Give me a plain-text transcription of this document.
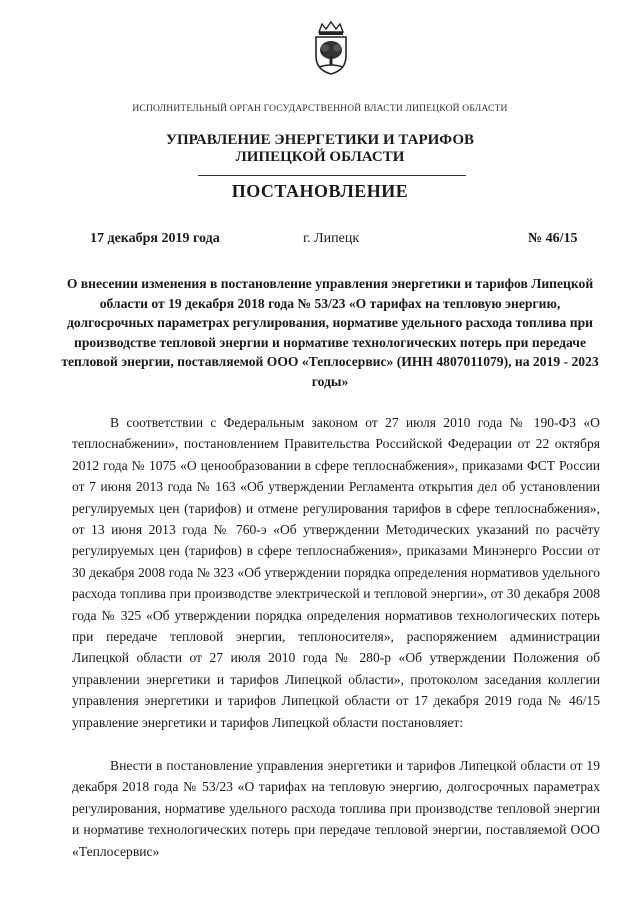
ИСПОЛНИТЕЛЬНЫЙ ОРГАН ГОСУДАРСТВЕННОЙ ВЛАСТИ ЛИПЕЦКОЙ ОБЛАСТИ
УПРАВЛЕНИЕ ЭНЕРГЕТИКИ И ТАРИФОВ
ЛИПЕЦКОЙ ОБЛАСТИ
ПОСТАНОВЛЕНИЕ
17 декабря 2019 года	г. Липецк	№ 46/15
О внесении изменения в постановление управления энергетики и тарифов Липецкой области от 19 декабря 2018 года № 53/23 «О тарифах на тепловую энергию, долгосрочных параметрах регулирования, нормативе удельного расхода топлива при производстве тепловой энергии и нормативе технологических потерь при передаче тепловой энергии, поставляемой ООО «Теплосервис» (ИНН 4807011079), на 2019 - 2023 годы»

В соответствии с Федеральным законом от 27 июля 2010 года № 190-ФЗ «О теплоснабжении», постановлением Правительства Российской Федерации от 22 октября 2012 года № 1075 «О ценообразовании в сфере теплоснабжения», приказами ФСТ России от 7 июня 2013 года № 163 «Об утверждении Регламента открытия дел об установлении регулируемых цен (тарифов) и отмене регулирования тарифов в сфере теплоснабжения», от 13 июня 2013 года № 760-э «Об утверждении Методических указаний по расчёту регулируемых цен (тарифов) в сфере теплоснабжения», приказами Минэнерго России от 30 декабря 2008 года № 323 «Об утверждении порядка определения нормативов удельного расхода топлива при производстве электрической и тепловой энергии», от 30 декабря 2008 года № 325 «Об утверждении порядка определения нормативов технологических потерь при передаче тепловой энергии, теплоносителя», распоряжением администрации Липецкой области от 27 июля 2010 года № 280-р «Об утверждении Положения об управлении энергетики и тарифов Липецкой области», протоколом заседания коллегии управления энергетики и тарифов Липецкой области от 17 декабря 2019 года № 46/15 управление энергетики и тарифов Липецкой области постановляет:

Внести в постановление управления энергетики и тарифов Липецкой области от 19 декабря 2018 года № 53/23 «О тарифах на тепловую энергию, долгосрочных параметрах регулирования, нормативе удельного расхода топлива при производстве тепловой энергии и нормативе технологических потерь при передаче тепловой энергии, поставляемой ООО «Теплосервис»
